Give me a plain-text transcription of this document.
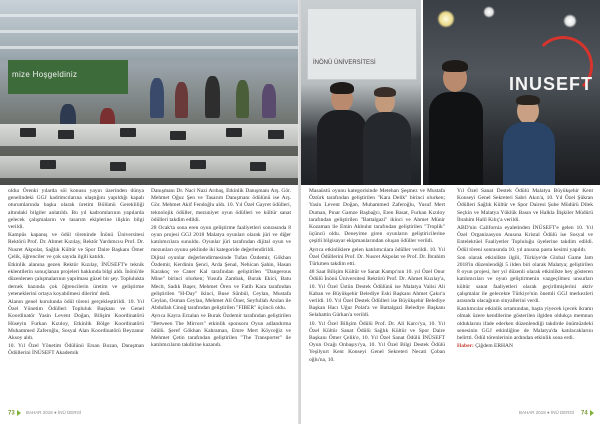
mize Hoşgeldiniz

olduı Örenki yılarda söi konusu yayın üzerinden dünya genelindeki GGJ kadrimcılarına ulaştığını yapıldığı kapalı oturumlarında başka olarak üretim Bölümü Gerekliliği altındaki bilgiler anlatıldı. Bu yıl kadromlarının yapılarda gelecek çalışmaların ve tasarım ekiplerine ilişkin bilgi verildi.

Kampüs kapanış ve ödül töreninde İnönü Üniversitesi Rektörü Prof. Dr. Ahmet Kızılay, Rektör Yardımcısı Prof. Dr. Nusret Akpolat, Sağlık Kültür ve Spor Daire Başkanı Ömer Çelik, öğrenciler ve çok sayıda ilgili katıldı.

Etkinlik alanına gezen Rektör Kızılay, İNÜSEFT'e teknik eklentilerin sonuçlanan projeleri hakkında bilgi aldı. İnönü'de düzenlenen çalışmalarının yapılması güzel bir şey. Toplulukta dernek bazında çok öğrencilerin üretim ve geliştirme yeteneklerini ortaya koyabilmesi dilerim' dedi.

Alanın genel kurulunda ödül töreni gerçekleştirildi. 10. Yıl Özel Yönetim Ödülleri Topluluk Başkanı ve Genel Koordinatör Yasin Levent Doğan, Bilişim Koordinatörü Hüseyin Furkan Kızıloy, Etkinlik Bölge Koordinatörü Muhammed Zaferoğlu, Sosyal Alan Koordinatörü Beyzanur Aksoy aldı.

10. Yıl Özel Yönetim Ödülünü Ersan Bozan, Danışman Ödüllerini İNÜSEFT Akademik

Danışmanı Dr. Naci Nazi Arıbaş, Etkinlik Danışmanı Arş. Gör. Mehmet Oğuz Şen ve Tasarım Danışmanı ödülünü ise Arş. Gör. Mehmet Akif Fendoğlu aldı. 10. Yıl Özel Gayret ödülleri, teknolojik ödüller, mezuniyet oyun ödülleri ve kültür sanat ödülleri takdim edildi.

28 Ocak'ta sona eren oyun geliştirme faaliyetleri sonrasında 8 oyun projesi GGJ 2018 Malatya oyunları olarak jüri ve diğer katılımcılara sunuldu. Oyunlar jüri tarafından dijital oyun ve mezunları oyunu şeklinde iki kategoride değerlendirildi.

Dijital oyunlar değerlendirmesinde Tufan Özdemir, Gökhan Özdemir, Kerdinin Şenci, Arda Şenal, Nehican Şahin, Hasan Karakoç ve Caner Kal tarafından geliştirilen "Dangerous Mine" birinci olurken; Yusufa Zambak, Burak Ekici, Batu Mecit, Sadık Başer, Mehmet Ören ve Fatih Kara tarafından geliştirilen "H-Day" ikinci, Buse Sünbül, Ceylan, Mustafa Ceylan, Osman Ceylan, Mehmet Ali Öner, Seyfullah Arslan ile Abdullah Cinoğ tarafından geliştirilen "FIBER" üçüncü oldu.

Ayrıca Kayra Erzalan ve Burak Özdemir tarafından geliştirilen "Between The Mirrors" etkinlik sponsoru Oyun adlandırma ödülü. Şeref Gökhan Kahraman, Emre Mert Köyceğiz ve Mehmet Çetin tarafından geliştirilen "The Transporter" ile katılımcıların takdirine kazandı.

73	BAHAR 2018 ● İNÜ DERGİ
İNÖNÜ ÜNİVERSİTESİ
INUSEFT

Masaüstü oyunu kategorisinde Metehan Şeşmez ve Mustafa Öztürk tarafından geliştirilen "Kara Delik" birinci olurken; Yasin Levent Doğan, Muhammed Zaferoğlu, Yusuf Mert Duman, Pınar Gamze Başbağcı, Eren Basat, Furkan Kızıloy tarafından geliştirilen "Battalgazi" ikinci ve Ahmet Münir Kozaman ile Emin Akbulut tarafından geliştirilen "Troplik" üçüncü oldu. Deneyime giren oyunların geliştiricilerine çeşitli bilgisayar ekipmanlarından oluşan ödüller verildi.

Ayrıca etkinliklere gelen katılımcılara ödüller verildi. 10. Yıl Özel Ödüllerini Prof. Dr. Nusret Akpolat ve Prof. Dr. İbrahim Türkmen takdim etti.

48 Saat Bilişim Kültür ve Sanat Kampı'nın 10. yıl Özel Onur Ödülü İnönü Üniversitesi Rektörü Prof. Dr. Ahmet Kızılay'a, 10. Yıl Özel Üstün Destek Ödülünü ise Malatya Valisi Ali Kaban ve Büyükşehir Belediye Eski Başkanı Ahmet Çakır'a verildi. 10. Yıl Özel Destek Ödülleri ise Büyükşehir Belediye Başkan Hacı Uğur Polat'a ve Battalgazi Belediye Başkanı Selahattin Gürkan'a verildi.

10. Yıl Özel Bilişim Ödülü Prof. Dr. Ali Karcı'ya, 10. Yıl Özel Kültür Sanat Ödülü Sağlık Kültür ve Spor Daire Başkanı Ömer Çelik'e, 10. Yıl Özel Sanat Ödülü İNÜSEFT Oyun Ocağı Onbaşıyı'ya, 10. Yıl Özel Bilgi Destek Ödülü Yeşilyurt Kent Konseyi Genel Sekreteri Necati Çoban oğlu'na, 10.

Yıl Özel Sanat Destek Ödülü Malatya Büyükşehir Kent Konseyi Genel Sekreteri Sabri Akın'a, 10. Yıl Özel Şükran Ödülleri Sağlık Kültür ve Spor Dairesi Şube Müdürü Dilek Seçkin ve Malatya Yüklük Basın ve Halkla İlişkiler Müdürü İbrahim Halil Kılıç'a verildi.

ABD'nin California eyaletinden İNÜSEFT'e gelen 10. Yıl Özel Organizasyon Anısına Kristal Ödülü ise Sosyal ve Entelektüel Faaliyetler Topluluğu üyelerine takdim edildi. Ödül töreni sonrasında 10. yıl anısına pasta kesimi yapıldı.

Son olarak etkinlikte ilgili, Türkiye'de Global Game Jam 2018'in düzenlendiği 5 ilden biri olarak Malatya; geliştirilen 8 oyun projesi, her yıl düzenli olarak etkinlikte hey gösteren katılımcıları ve oyun geliştirmenin vazgeçilmez unsurları kültür sanat faaliyetleri olarak geçirilmişlerini aktiv çalışmalar ile gelecekte Türkiye'nin önemli GGJ merkezleri arasında olacağının sinyallerini verdi.

Katılımcılar etkinlik ortamından, başta yiyecek içecek ikramı olmak üzere kendilerine gösterilen ilgiden oldukça memnun olduklarını ifade ederken düzenlendiği takdirde önümüzdeki senesinin GGJ etkinliğine de Malatya'da katılacaklarını belirtti. Ödül törenlerinin ardından etkinlik sona erdi.

Haber: Çiğdem ERHAN

BAHAR 2018 ● İNÜ DERGİ 74
